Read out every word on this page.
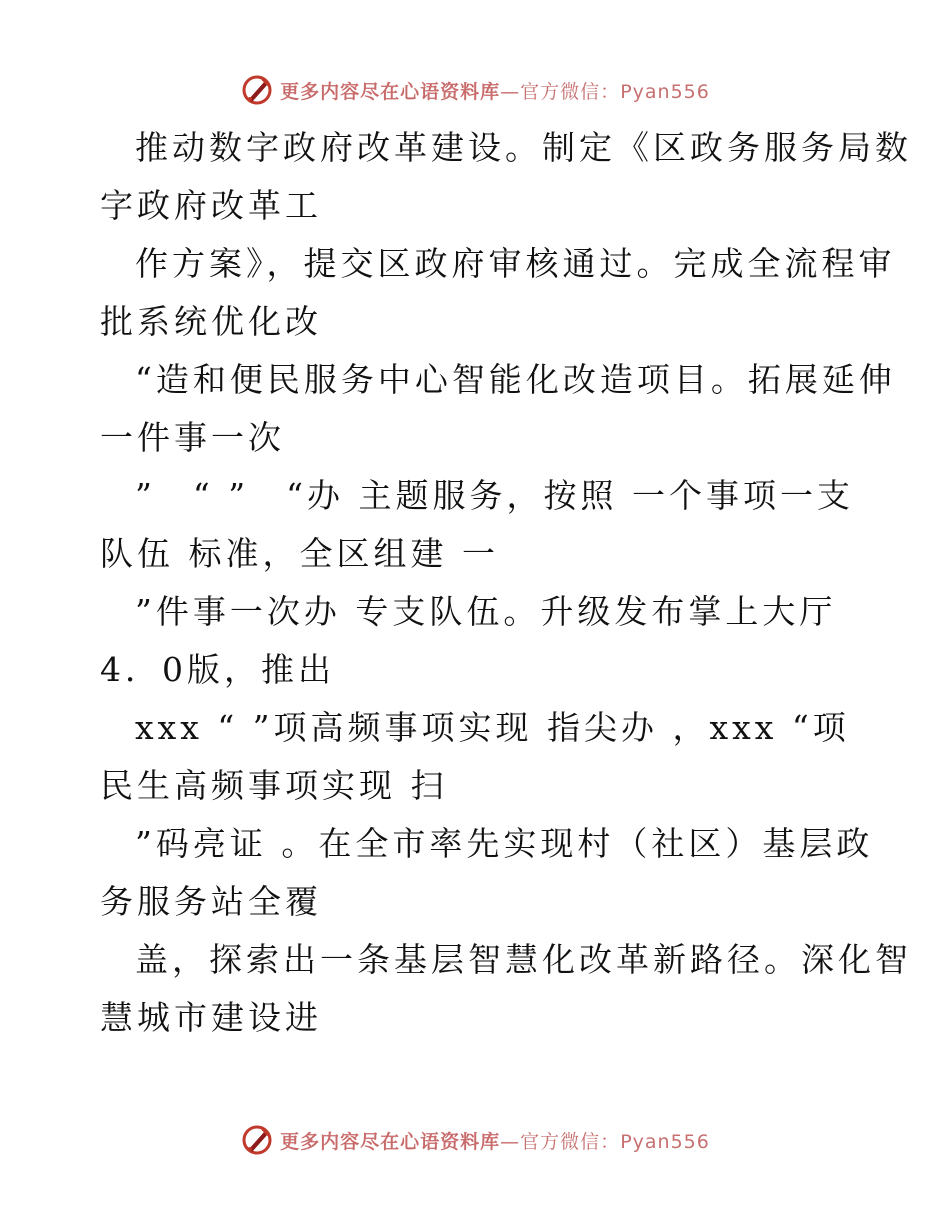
更多内容尽在心语资料库—官方微信：Pyan556
推动数字政府改革建设。制定《区政务服务局数
字政府改革工
作方案》，提交区政府审核通过。完成全流程审
批系统优化改
“造和便民服务中心智能化改造项目。拓展延伸
一件事一次
”　“ ”　“办 主题服务，按照 一个事项一支
队伍 标准，全区组建 一
”件事一次办 专支队伍。升级发布掌上大厅
4．0版，推出
xxx “ ”项高频事项实现 指尖办 ，xxx “项
民生高频事项实现 扫
”码亮证 。在全市率先实现村（社区）基层政
务服务站全覆
盖，探索出一条基层智慧化改革新路径。深化智
慧城市建设进
更多内容尽在心语资料库—官方微信：Pyan556
